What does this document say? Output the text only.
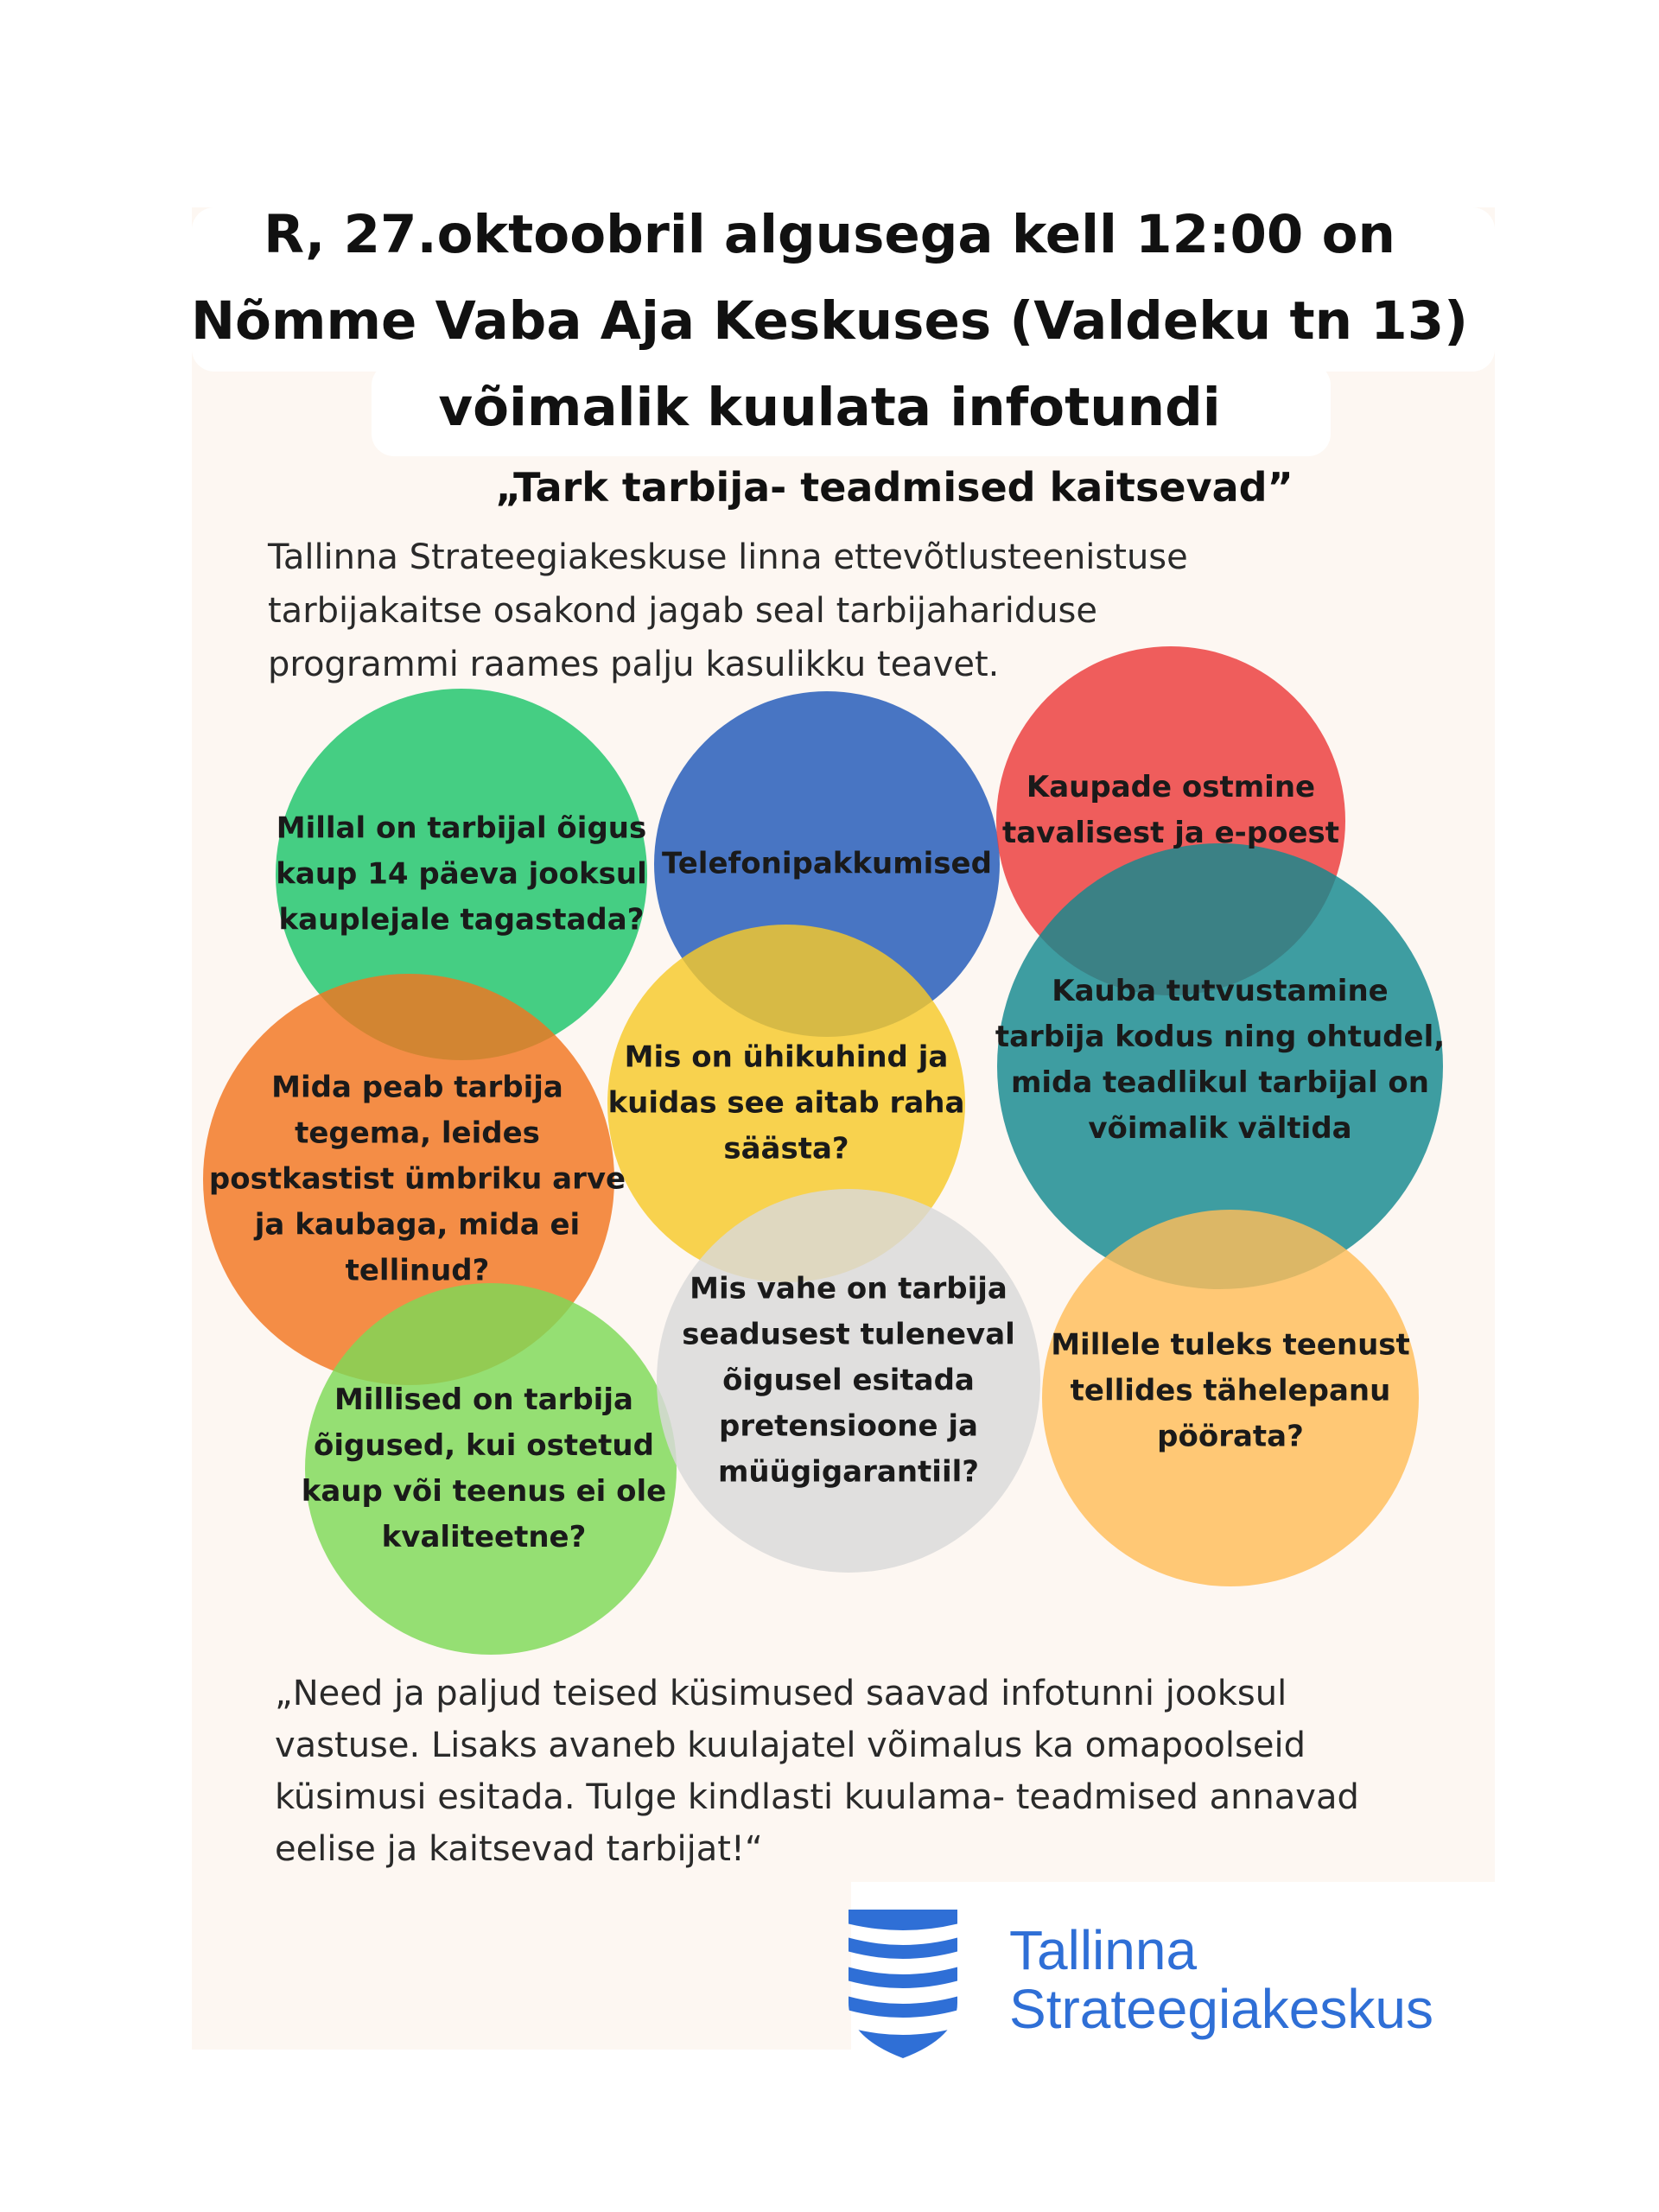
R, 27.oktoobril algusega kell 12:00 on
Nõmme Vaba Aja Keskuses (Valdeku tn 13)
võimalik kuulata infotundi

„Tark tarbija- teadmised kaitsevad”

Tallinna Strateegiakeskuse linna ettevõtlusteenistuse
tarbijakaitse osakond jagab seal tarbijahariduse
programmi raames palju kasulikku teavet.

Millal on tarbijal õigus
kaup 14 päeva jooksul
kauplejale tagastada?
Telefonipakkumised
Kaupade ostmine
tavalisest ja e-poest
Mida peab tarbija
tegema, leides
postkastist ümbriku arve
ja kaubaga, mida ei
tellinud?
Mis on ühikuhind ja
kuidas see aitab raha
säästa?
Kauba tutvustamine
tarbija kodus ning ohtudel,
mida teadlikul tarbijal on
võimalik vältida
Millised on tarbija
õigused, kui ostetud
kaup või teenus ei ole
kvaliteetne?
Mis vahe on tarbija
seadusest tuleneval
õigusel esitada
pretensioone ja
müügigarantiil?
Millele tuleks teenust
tellides tähelepanu
pöörata?

„Need ja paljud teised küsimused saavad infotunni jooksul
vastuse. Lisaks avaneb kuulajatel võimalus ka omapoolseid
küsimusi esitada. Tulge kindlasti kuulama- teadmised annavad
eelise ja kaitsevad tarbijat!“

Tallinna

Strateegiakeskus
